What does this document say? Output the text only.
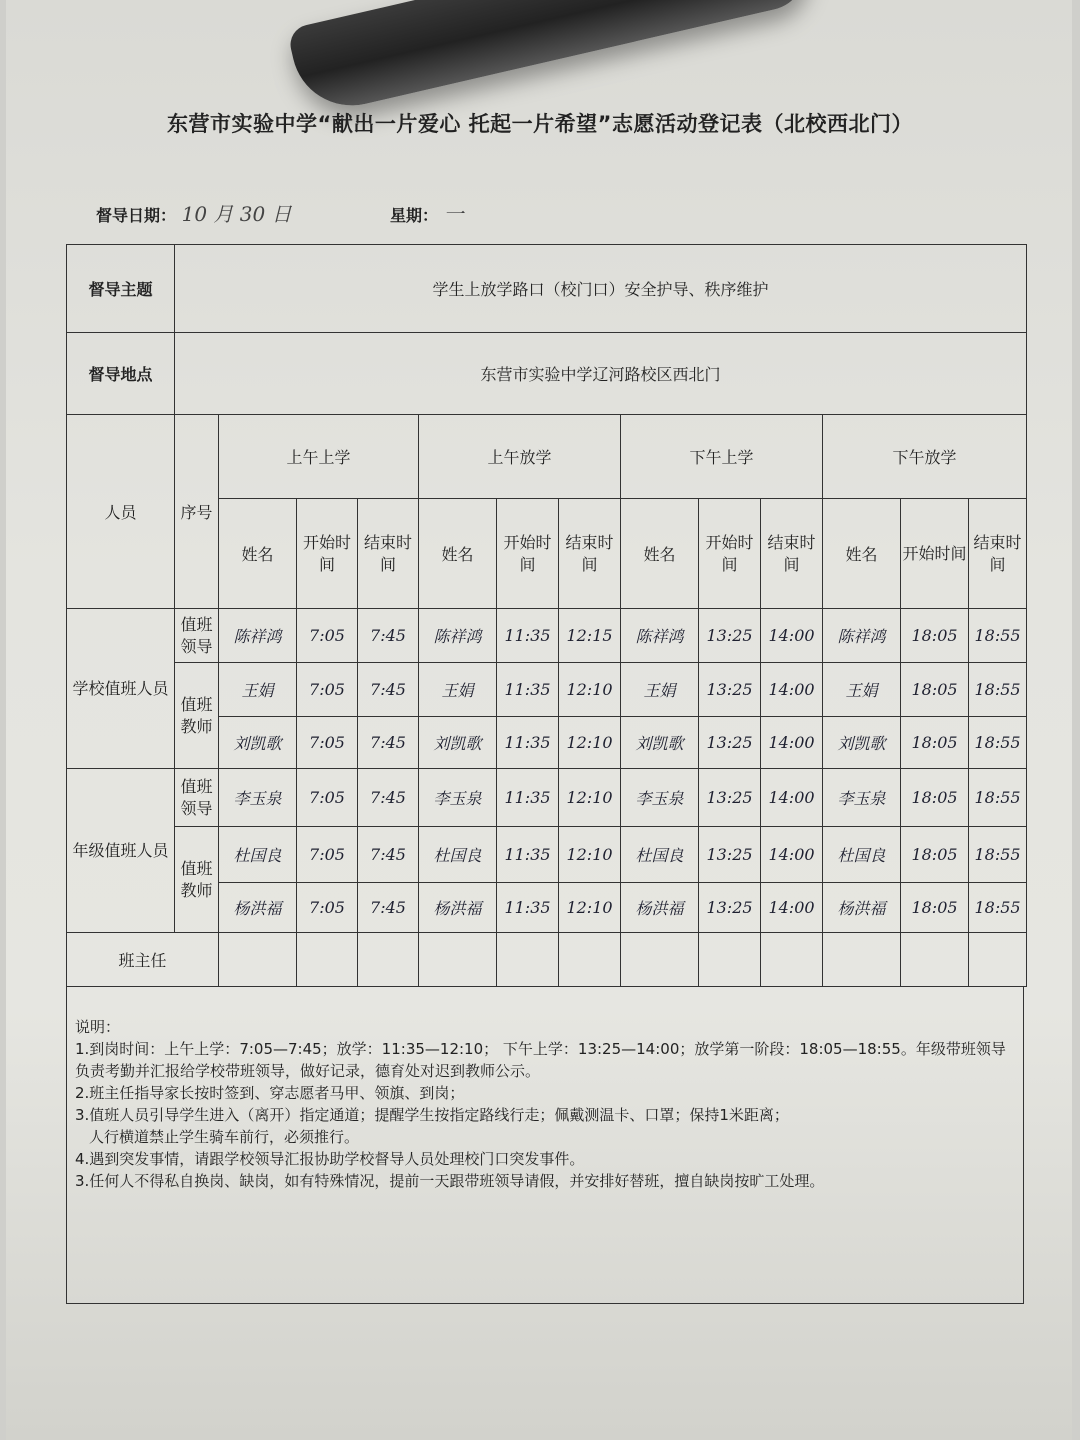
东营市实验中学“献出一片爱心 托起一片希望”志愿活动登记表（北校西北门）
督导日期： 10 月 30 日	星期： 一
督导主题	学生上放学路口（校门口）安全护导、秩序维护												
督导地点	东营市实验中学辽河路校区西北门												
人员	序号	上午上学			上午放学			下午上学			下午放学		
		姓名	开始时间	结束时间	姓名	开始时间	结束时间	姓名	开始时间	结束时间	姓名	开始时间	结束时间
学校值班人员	值班领导	陈祥鸿	7:05	7:45	陈祥鸿	11:35	12:15	陈祥鸿	13:25	14:00	陈祥鸿	18:05	18:55
	值班教师	王娟	7:05	7:45	王娟	11:35	12:10	王娟	13:25	14:00	王娟	18:05	18:55
		刘凯歌	7:05	7:45	刘凯歌	11:35	12:10	刘凯歌	13:25	14:00	刘凯歌	18:05	18:55
年级值班人员	值班领导	李玉泉	7:05	7:45	李玉泉	11:35	12:10	李玉泉	13:25	14:00	李玉泉	18:05	18:55
	值班教师	杜国良	7:05	7:45	杜国良	11:35	12:10	杜国良	13:25	14:00	杜国良	18:05	18:55
		杨洪福	7:05	7:45	杨洪福	11:35	12:10	杨洪福	13:25	14:00	杨洪福	18:05	18:55
班主任													

说明：

1.到岗时间：上午上学：7:05—7:45；放学：11:35—12:10； 下午上学：13:25—14:00；放学第一阶段：18:05—18:55。年级带班领导负责考勤并汇报给学校带班领导，做好记录，德育处对迟到教师公示。

2.班主任指导家长按时签到、穿志愿者马甲、领旗、到岗；

3.值班人员引导学生进入（离开）指定通道；提醒学生按指定路线行走；佩戴测温卡、口罩；保持1米距离；

人行横道禁止学生骑车前行，必须推行。

4.遇到突发事情，请跟学校领导汇报协助学校督导人员处理校门口突发事件。

3.任何人不得私自换岗、缺岗，如有特殊情况，提前一天跟带班领导请假，并安排好替班，擅自缺岗按旷工处理。
